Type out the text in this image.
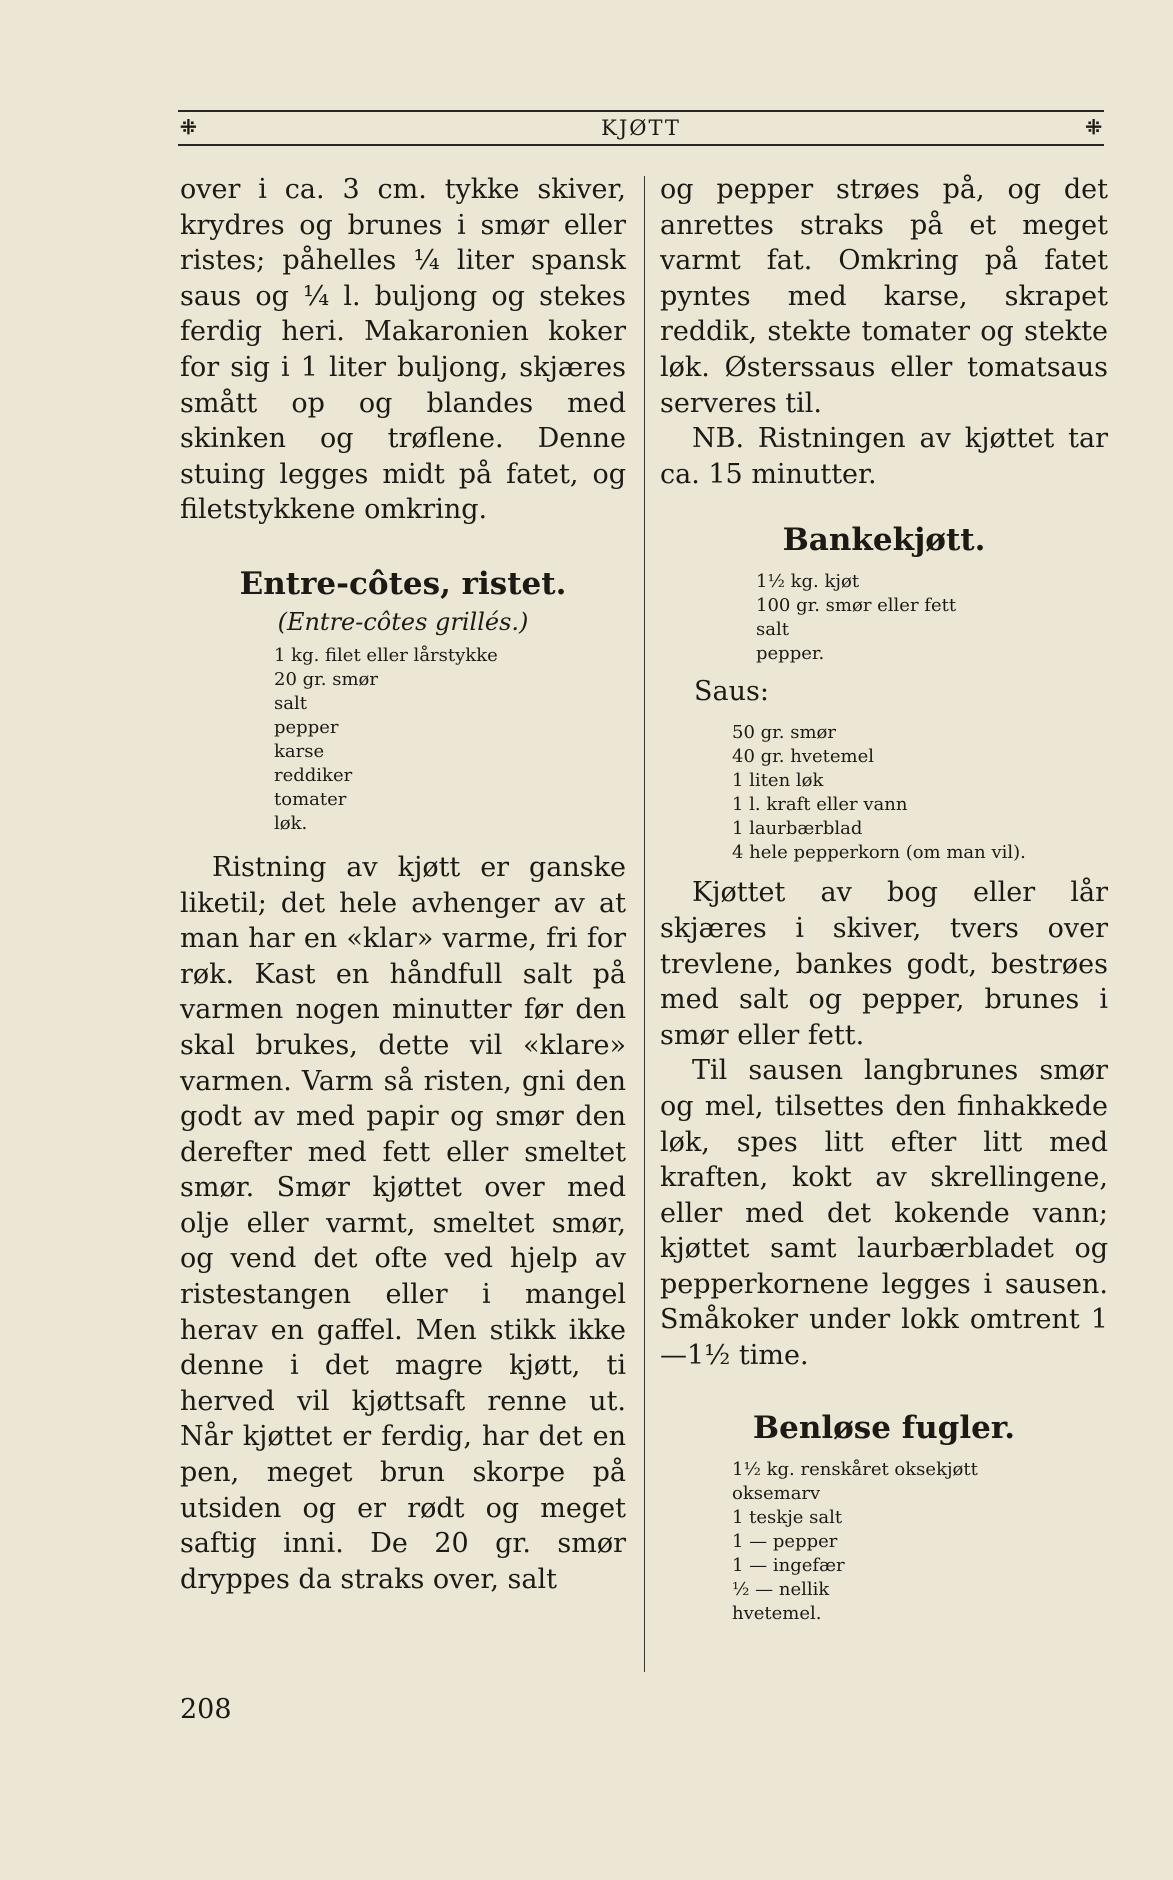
⁜	KJØTT	⁜

over i ca. 3 cm. tykke skiver, krydres og brunes i smør eller ristes; påhelles ¼ liter spansk saus og ¼ l. buljong og stekes ferdig heri. Makaronien koker for sig i 1 liter buljong, skjæres smått op og blandes med skinken og trøflene. Denne stuing legges midt på fatet, og filetstykkene omkring.

Entre-côtes, ristet.

(Entre-côtes grillés.)

1 kg. filet eller lårstykke
20 gr. smør
salt
pepper
karse
reddiker
tomater
løk.

Ristning av kjøtt er ganske liketil; det hele avhenger av at man har en «klar» varme, fri for røk. Kast en håndfull salt på varmen nogen minutter før den skal brukes, dette vil «klare» varmen. Varm så risten, gni den godt av med papir og smør den derefter med fett eller smeltet smør. Smør kjøttet over med olje eller varmt, smeltet smør, og vend det ofte ved hjelp av ristestangen eller i mangel herav en gaffel. Men stikk ikke denne i det magre kjøtt, ti herved vil kjøttsaft renne ut. Når kjøttet er ferdig, har det en pen, meget brun skorpe på utsiden og er rødt og meget saftig inni. De 20 gr. smør dryppes da straks over, salt

og pepper strøes på, og det anrettes straks på et meget varmt fat. Omkring på fatet pyntes med karse, skrapet reddik, stekte tomater og stekte løk. Østerssaus eller tomatsaus serveres til.

NB. Ristningen av kjøttet tar ca. 15 minutter.

Bankekjøtt.
1½ kg. kjøt
100 gr. smør eller fett
salt
pepper.

Saus:

50 gr. smør
40 gr. hvetemel
1 liten løk
1 l. kraft eller vann
1 laurbærblad
4 hele pepperkorn (om man vil).

Kjøttet av bog eller lår skjæres i skiver, tvers over trevlene, bankes godt, bestrøes med salt og pepper, brunes i smør eller fett.

Til sausen langbrunes smør og mel, tilsettes den finhakkede løk, spes litt efter litt med kraften, kokt av skrellingene, eller med det kokende vann; kjøttet samt laurbærbladet og pepperkornene legges i sausen. Småkoker under lokk omtrent 1—1½ time.

Benløse fugler.
1½ kg. renskåret oksekjøtt
oksemarv
1 teskje salt
1 — pepper
1 — ingefær
½ — nellik
hvetemel.
208
